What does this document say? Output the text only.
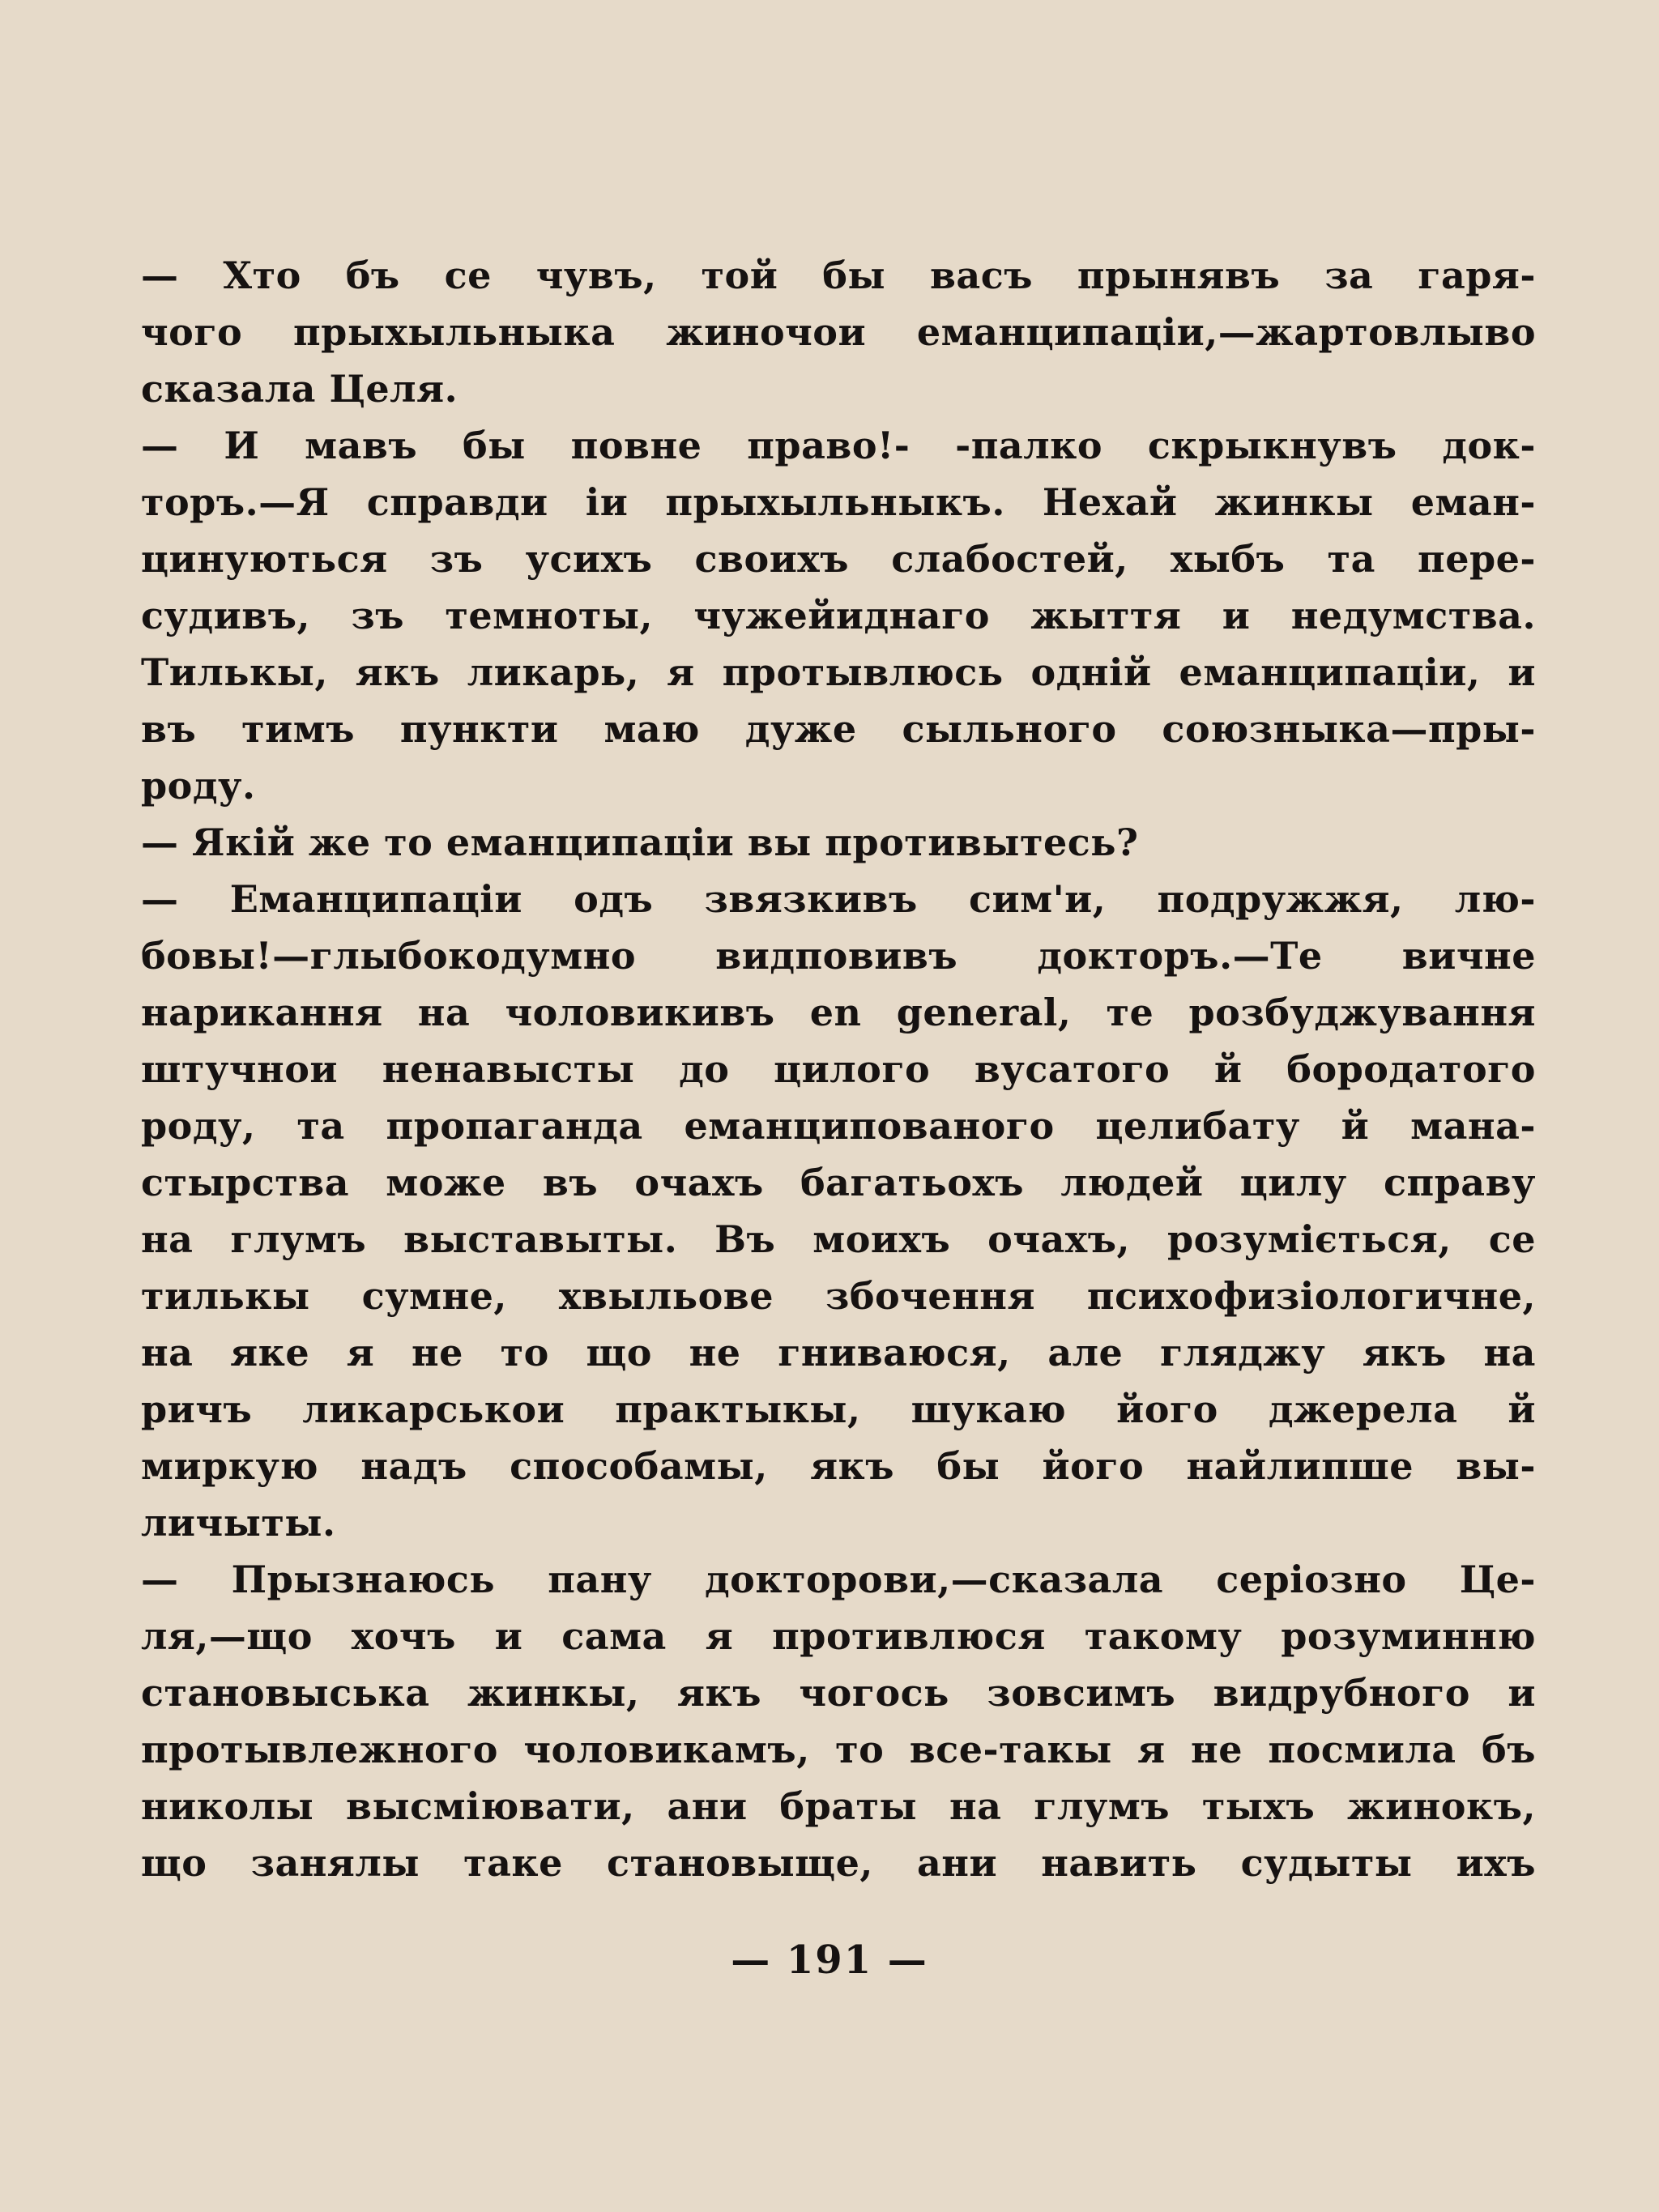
— Хто бъ се чувъ, той бы васъ прынявъ за гаря-
чого прыхыльныка жиночои еманципаціи,—жартовлыво
сказала Целя.
— И мавъ бы повне право!- -палко скрыкнувъ док-
торъ.—Я справди іи прыхыльныкъ. Нехай жинкы еман-
цинуються зъ усихъ своихъ слабостей, хыбъ та пере-
судивъ, зъ темноты, чужейиднаго жыття и недумства.
Тилькы, якъ ликарь, я протывлюсь одній еманципаціи, и
въ тимъ пункти маю дуже сыльного союзныка—пры-
роду.
— Якій же то еманципаціи вы противытесь?
— Еманципаціи одъ звязкивъ сим'и, подружжя, лю-
бовы!—глыбокодумно видповивъ докторъ.—Те вичне
нарикання на чоловикивъ en general, те розбуджування
штучнои ненавысты до цилого вусатого й бородатого
роду, та пропаганда еманципованого целибату й мана-
стырства може въ очахъ багатьохъ людей цилу справу
на глумъ выставыты. Въ моихъ очахъ, розуміється, се
тилькы сумне, хвыльове збочення психофизіологичне,
на яке я не то що не гниваюся, але гляджу якъ на
ричъ ликарськои практыкы, шукаю його джерела й
миркую надъ способамы, якъ бы його найлипше вы-
личыты.
— Прызнаюсь пану докторови,—сказала серіозно Це-
ля,—що хочъ и сама я противлюся такому розуминню
становыська жинкы, якъ чогось зовсимъ видрубного и
протывлежного чоловикамъ, то все-такы я не посмила бъ
николы высміювати, ани браты на глумъ тыхъ жинокъ,
що занялы таке становыще, ани навить судыты ихъ
— 191 —
